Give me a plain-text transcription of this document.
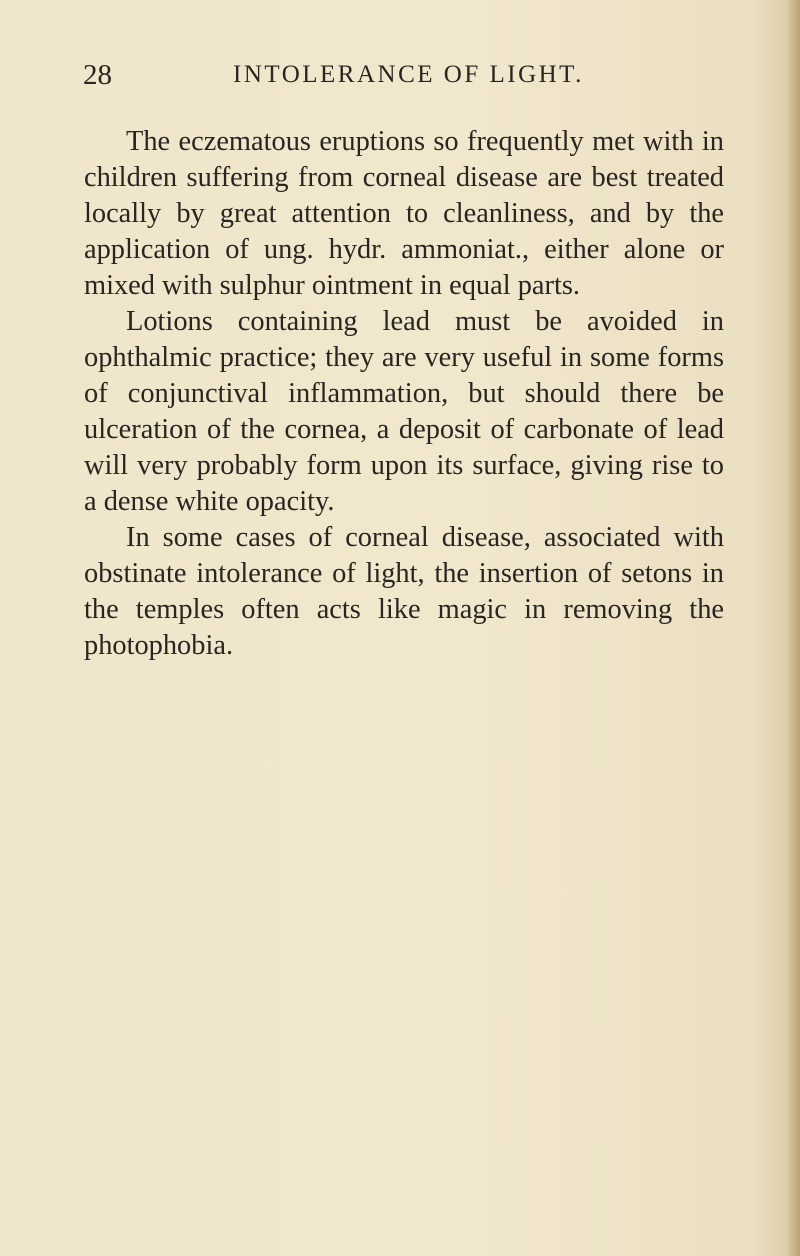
28	INTOLERANCE OF LIGHT.

The eczematous eruptions so frequently met with in children suffering from corneal disease are best treated locally by great attention to cleanliness, and by the application of ung. hydr. ammoniat., either alone or mixed with sulphur ointment in equal parts.

Lotions containing lead must be avoided in ophthalmic practice; they are very useful in some forms of conjunctival inflammation, but should there be ulceration of the cornea, a deposit of carbonate of lead will very probably form upon its surface, giving rise to a dense white opacity.

In some cases of corneal disease, associated with obstinate intolerance of light, the insertion of setons in the temples often acts like magic in removing the photophobia.
